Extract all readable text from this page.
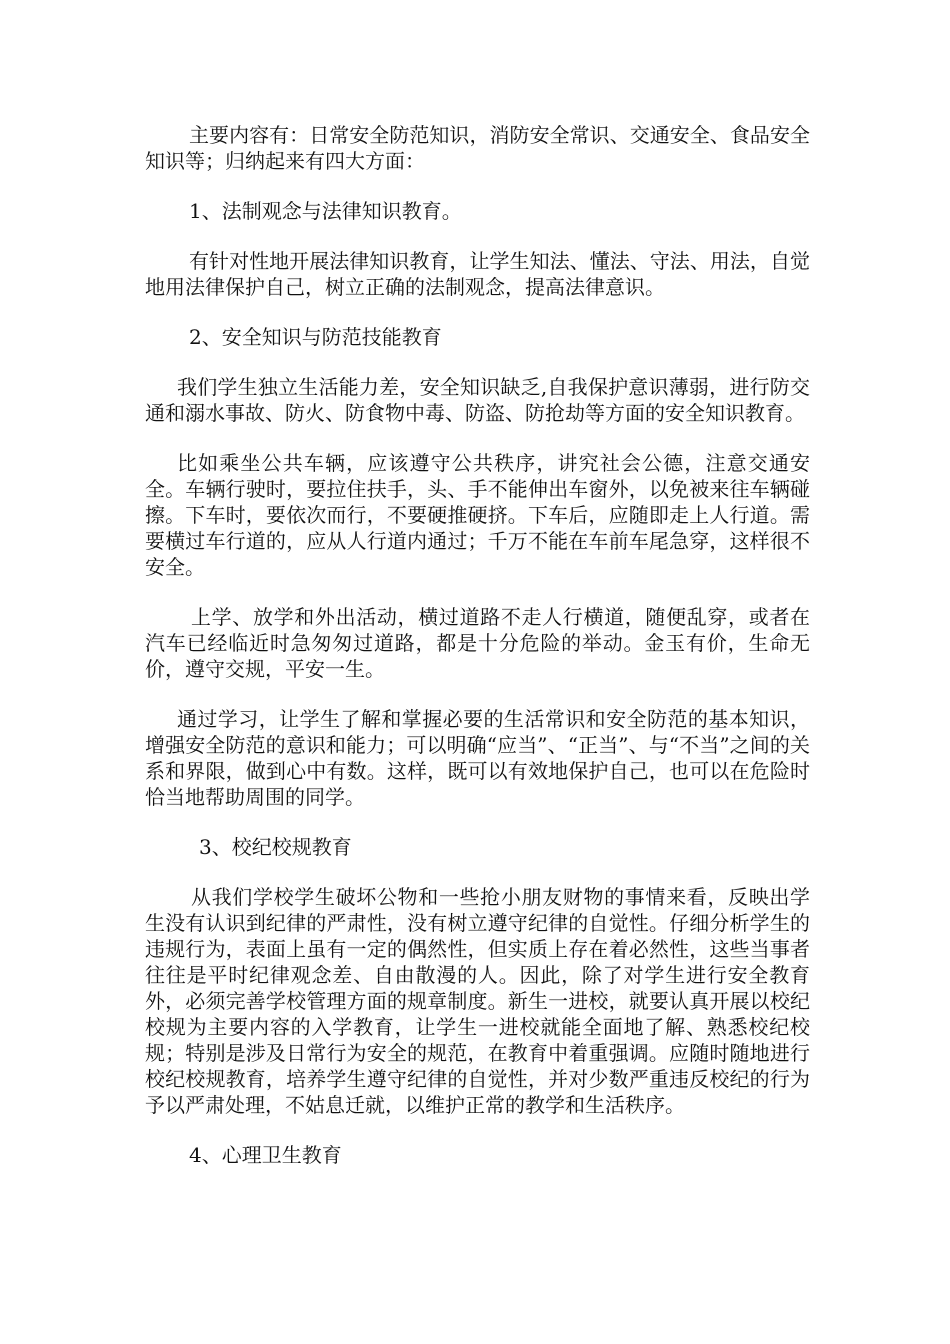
主要内容有：日常安全防范知识，消防安全常识、交通安全、食品安全知识等；归纳起来有四大方面：

1、法制观念与法律知识教育。

有针对性地开展法律知识教育，让学生知法、懂法、守法、用法，自觉地用法律保护自己，树立正确的法制观念，提高法律意识。

2、安全知识与防范技能教育

我们学生独立生活能力差，安全知识缺乏,自我保护意识薄弱，进行防交通和溺水事故、防火、防食物中毒、防盗、防抢劫等方面的安全知识教育。

比如乘坐公共车辆，应该遵守公共秩序，讲究社会公德，注意交通安全。车辆行驶时，要拉住扶手，头、手不能伸出车窗外，以免被来往车辆碰擦。下车时，要依次而行，不要硬推硬挤。下车后，应随即走上人行道。需要横过车行道的，应从人行道内通过；千万不能在车前车尾急穿，这样很不安全。

上学、放学和外出活动，横过道路不走人行横道，随便乱穿，或者在汽车已经临近时急匆匆过道路，都是十分危险的举动。金玉有价，生命无价，遵守交规，平安一生。

通过学习，让学生了解和掌握必要的生活常识和安全防范的基本知识，增强安全防范的意识和能力；可以明确“应当”、“正当”、与“不当”之间的关系和界限，做到心中有数。这样，既可以有效地保护自己，也可以在危险时恰当地帮助周围的同学。

3、校纪校规教育

从我们学校学生破坏公物和一些抢小朋友财物的事情来看，反映出学生没有认识到纪律的严肃性，没有树立遵守纪律的自觉性。仔细分析学生的违规行为，表面上虽有一定的偶然性，但实质上存在着必然性，这些当事者往往是平时纪律观念差、自由散漫的人。因此，除了对学生进行安全教育外，必须完善学校管理方面的规章制度。新生一进校，就要认真开展以校纪校规为主要内容的入学教育，让学生一进校就能全面地了解、熟悉校纪校规；特别是涉及日常行为安全的规范，在教育中着重强调。应随时随地进行校纪校规教育，培养学生遵守纪律的自觉性，并对少数严重违反校纪的行为予以严肃处理，不姑息迁就，以维护正常的教学和生活秩序。

4、心理卫生教育
